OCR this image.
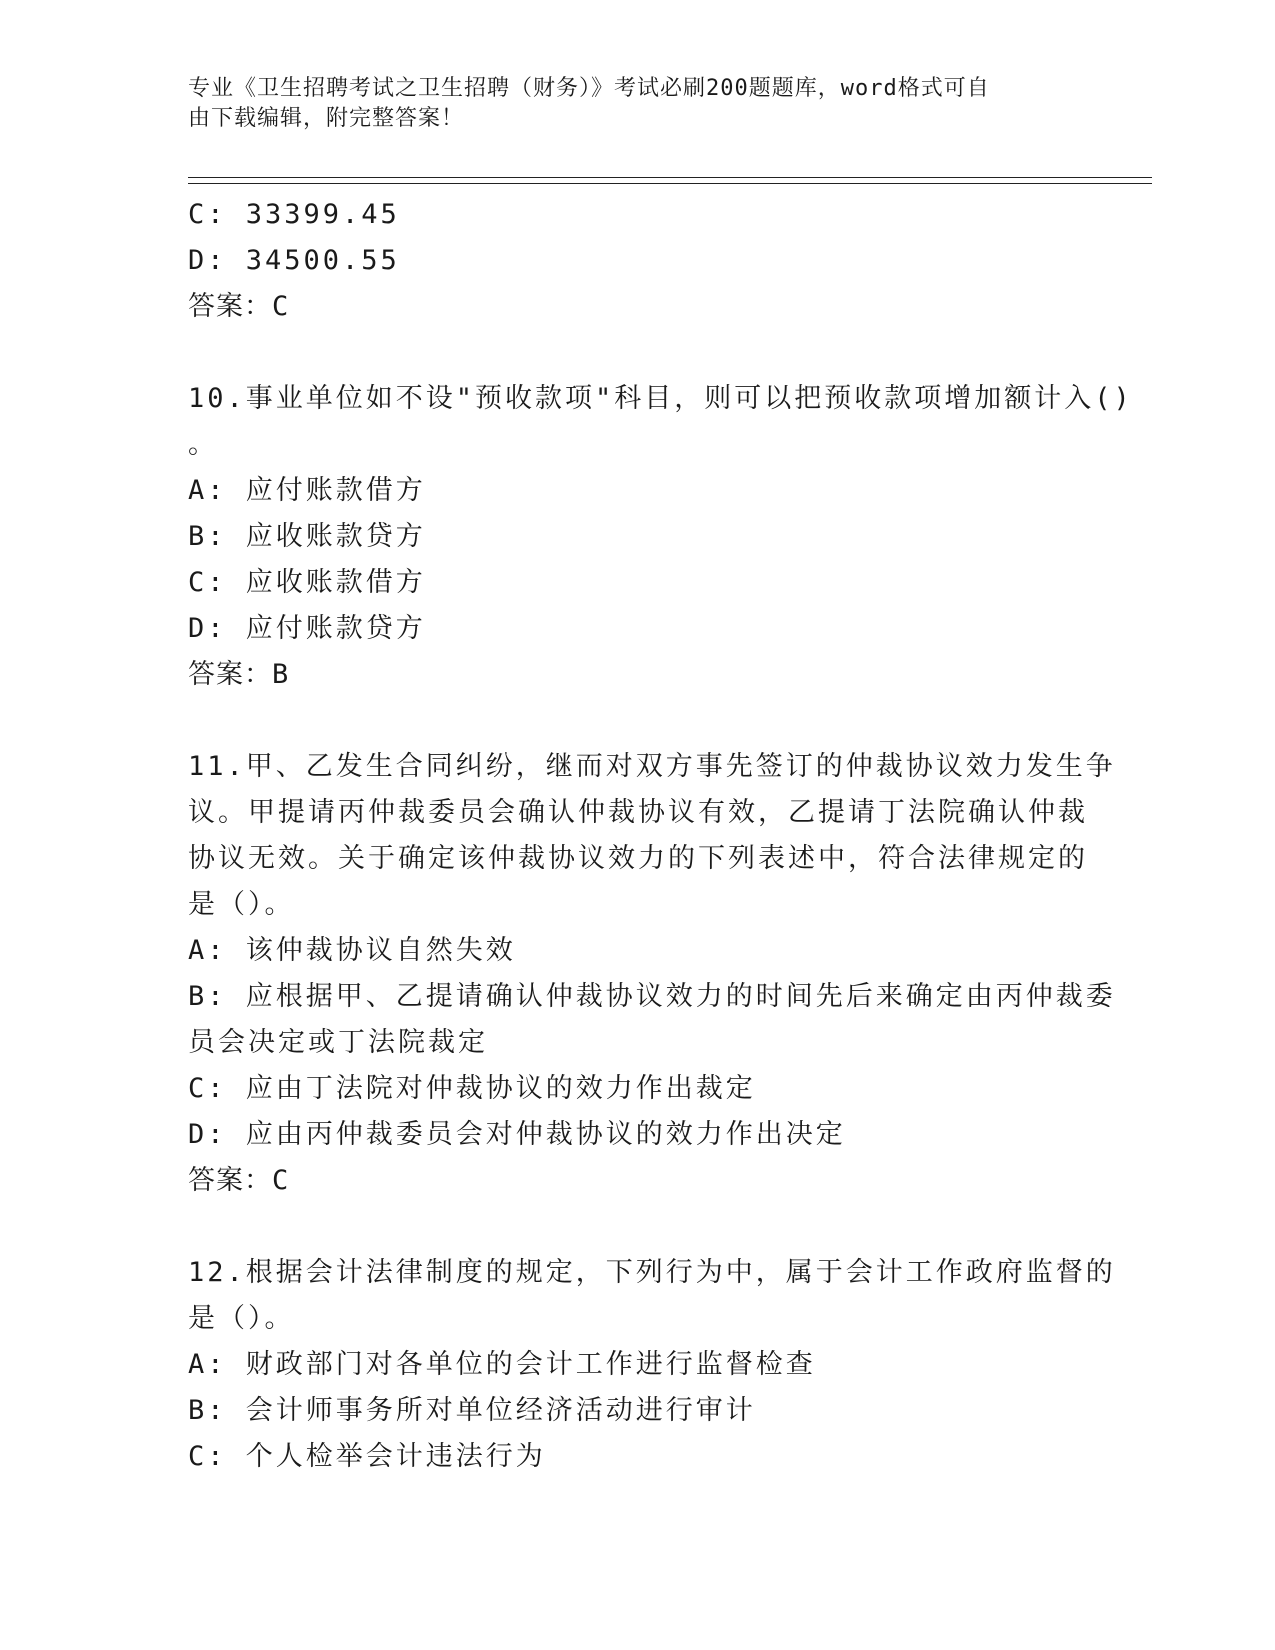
专业《卫生招聘考试之卫生招聘（财务）》考试必刷200题题库，word格式可自
由下载编辑，附完整答案！
C: 33399.45
D: 34500.55
答案：C
10.事业单位如不设"预收款项"科目，则可以把预收款项增加额计入()
。
A: 应付账款借方
B: 应收账款贷方
C: 应收账款借方
D: 应付账款贷方
答案：B
11.甲、乙发生合同纠纷，继而对双方事先签订的仲裁协议效力发生争
议。甲提请丙仲裁委员会确认仲裁协议有效，乙提请丁法院确认仲裁
协议无效。关于确定该仲裁协议效力的下列表述中，符合法律规定的
是（）。
A: 该仲裁协议自然失效
B: 应根据甲、乙提请确认仲裁协议效力的时间先后来确定由丙仲裁委
员会决定或丁法院裁定
C: 应由丁法院对仲裁协议的效力作出裁定
D: 应由丙仲裁委员会对仲裁协议的效力作出决定
答案：C
12.根据会计法律制度的规定，下列行为中，属于会计工作政府监督的
是（）。
A: 财政部门对各单位的会计工作进行监督检查
B: 会计师事务所对单位经济活动进行审计
C: 个人检举会计违法行为
